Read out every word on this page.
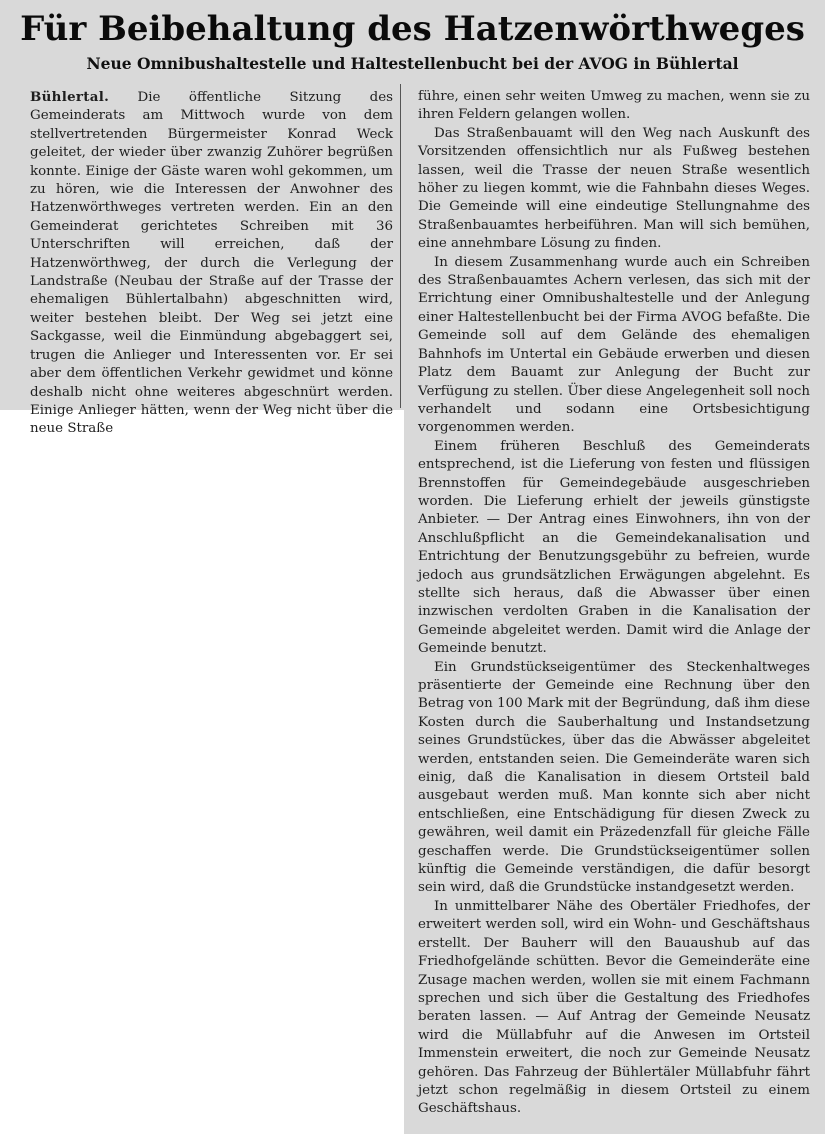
Für Beibehaltung des Hatzenwörthweges
Neue Omnibushaltestelle und Haltestellenbucht bei der AVOG in Bühlertal

Bühlertal. Die öffentliche Sitzung des Gemeinderats am Mittwoch wurde von dem stellvertretenden Bürgermeister Konrad Weck geleitet, der wieder über zwanzig Zuhörer begrüßen konnte. Einige der Gäste waren wohl gekommen, um zu hören, wie die Interessen der Anwohner des Hatzenwörthweges vertreten werden. Ein an den Gemeinderat gerichtetes Schreiben mit 36 Unterschriften will erreichen, daß der Hatzenwörthweg, der durch die Verlegung der Landstraße (Neubau der Straße auf der Trasse der ehemaligen Bühlertalbahn) abgeschnitten wird, weiter bestehen bleibt. Der Weg sei jetzt eine Sackgasse, weil die Einmündung abgebaggert sei, trugen die Anlieger und Interessenten vor. Er sei aber dem öffentlichen Verkehr gewidmet und könne deshalb nicht ohne weiteres abgeschnürt werden. Einige Anlieger hätten, wenn der Weg nicht über die neue Straße

führe, einen sehr weiten Umweg zu machen, wenn sie zu ihren Feldern gelangen wollen.

Das Straßenbauamt will den Weg nach Auskunft des Vorsitzenden offensichtlich nur als Fußweg bestehen lassen, weil die Trasse der neuen Straße wesentlich höher zu liegen kommt, wie die Fahnbahn dieses Weges. Die Gemeinde will eine eindeutige Stellungnahme des Straßenbauamtes herbeiführen. Man will sich bemühen, eine annehmbare Lösung zu finden.

In diesem Zusammenhang wurde auch ein Schreiben des Straßenbauamtes Achern verlesen, das sich mit der Errichtung einer Omnibushaltestelle und der Anlegung einer Haltestellenbucht bei der Firma AVOG befaßte. Die Gemeinde soll auf dem Gelände des ehemaligen Bahnhofs im Untertal ein Gebäude erwerben und diesen Platz dem Bauamt zur Anlegung der Bucht zur Verfügung zu stellen. Über diese Angelegenheit soll noch verhandelt und sodann eine Ortsbesichtigung vorgenommen werden.

Einem früheren Beschluß des Gemeinderats entsprechend, ist die Lieferung von festen und flüssigen Brennstoffen für Gemeindegebäude ausgeschrieben worden. Die Lieferung erhielt der jeweils günstigste Anbieter. — Der Antrag eines Einwohners, ihn von der Anschlußpflicht an die Gemeindekanalisation und Entrichtung der Benutzungsgebühr zu befreien, wurde jedoch aus grundsätzlichen Erwägungen abgelehnt. Es stellte sich heraus, daß die Abwasser über einen inzwischen verdolten Graben in die Kanalisation der Gemeinde abgeleitet werden. Damit wird die Anlage der Gemeinde benutzt.

Ein Grundstückseigentümer des Steckenhaltweges präsentierte der Gemeinde eine Rechnung über den Betrag von 100 Mark mit der Begründung, daß ihm diese Kosten durch die Sauberhaltung und Instandsetzung seines Grundstückes, über das die Abwässer abgeleitet werden, entstanden seien. Die Gemeinderäte waren sich einig, daß die Kanalisation in diesem Ortsteil bald ausgebaut werden muß. Man konnte sich aber nicht entschließen, eine Entschädigung für diesen Zweck zu gewähren, weil damit ein Präzedenzfall für gleiche Fälle geschaffen werde. Die Grundstückseigentümer sollen künftig die Gemeinde verständigen, die dafür besorgt sein wird, daß die Grundstücke instandgesetzt werden.

In unmittelbarer Nähe des Obertäler Friedhofes, der erweitert werden soll, wird ein Wohn- und Geschäftshaus erstellt. Der Bauherr will den Bauaushub auf das Friedhofgelände schütten. Bevor die Gemeinderäte eine Zusage machen werden, wollen sie mit einem Fachmann sprechen und sich über die Gestaltung des Friedhofes beraten lassen. — Auf Antrag der Gemeinde Neusatz wird die Müllabfuhr auf die Anwesen im Ortsteil Immenstein erweitert, die noch zur Gemeinde Neusatz gehören. Das Fahrzeug der Bühlertäler Müllabfuhr fährt jetzt schon regelmäßig in diesem Ortsteil zu einem Geschäftshaus.
